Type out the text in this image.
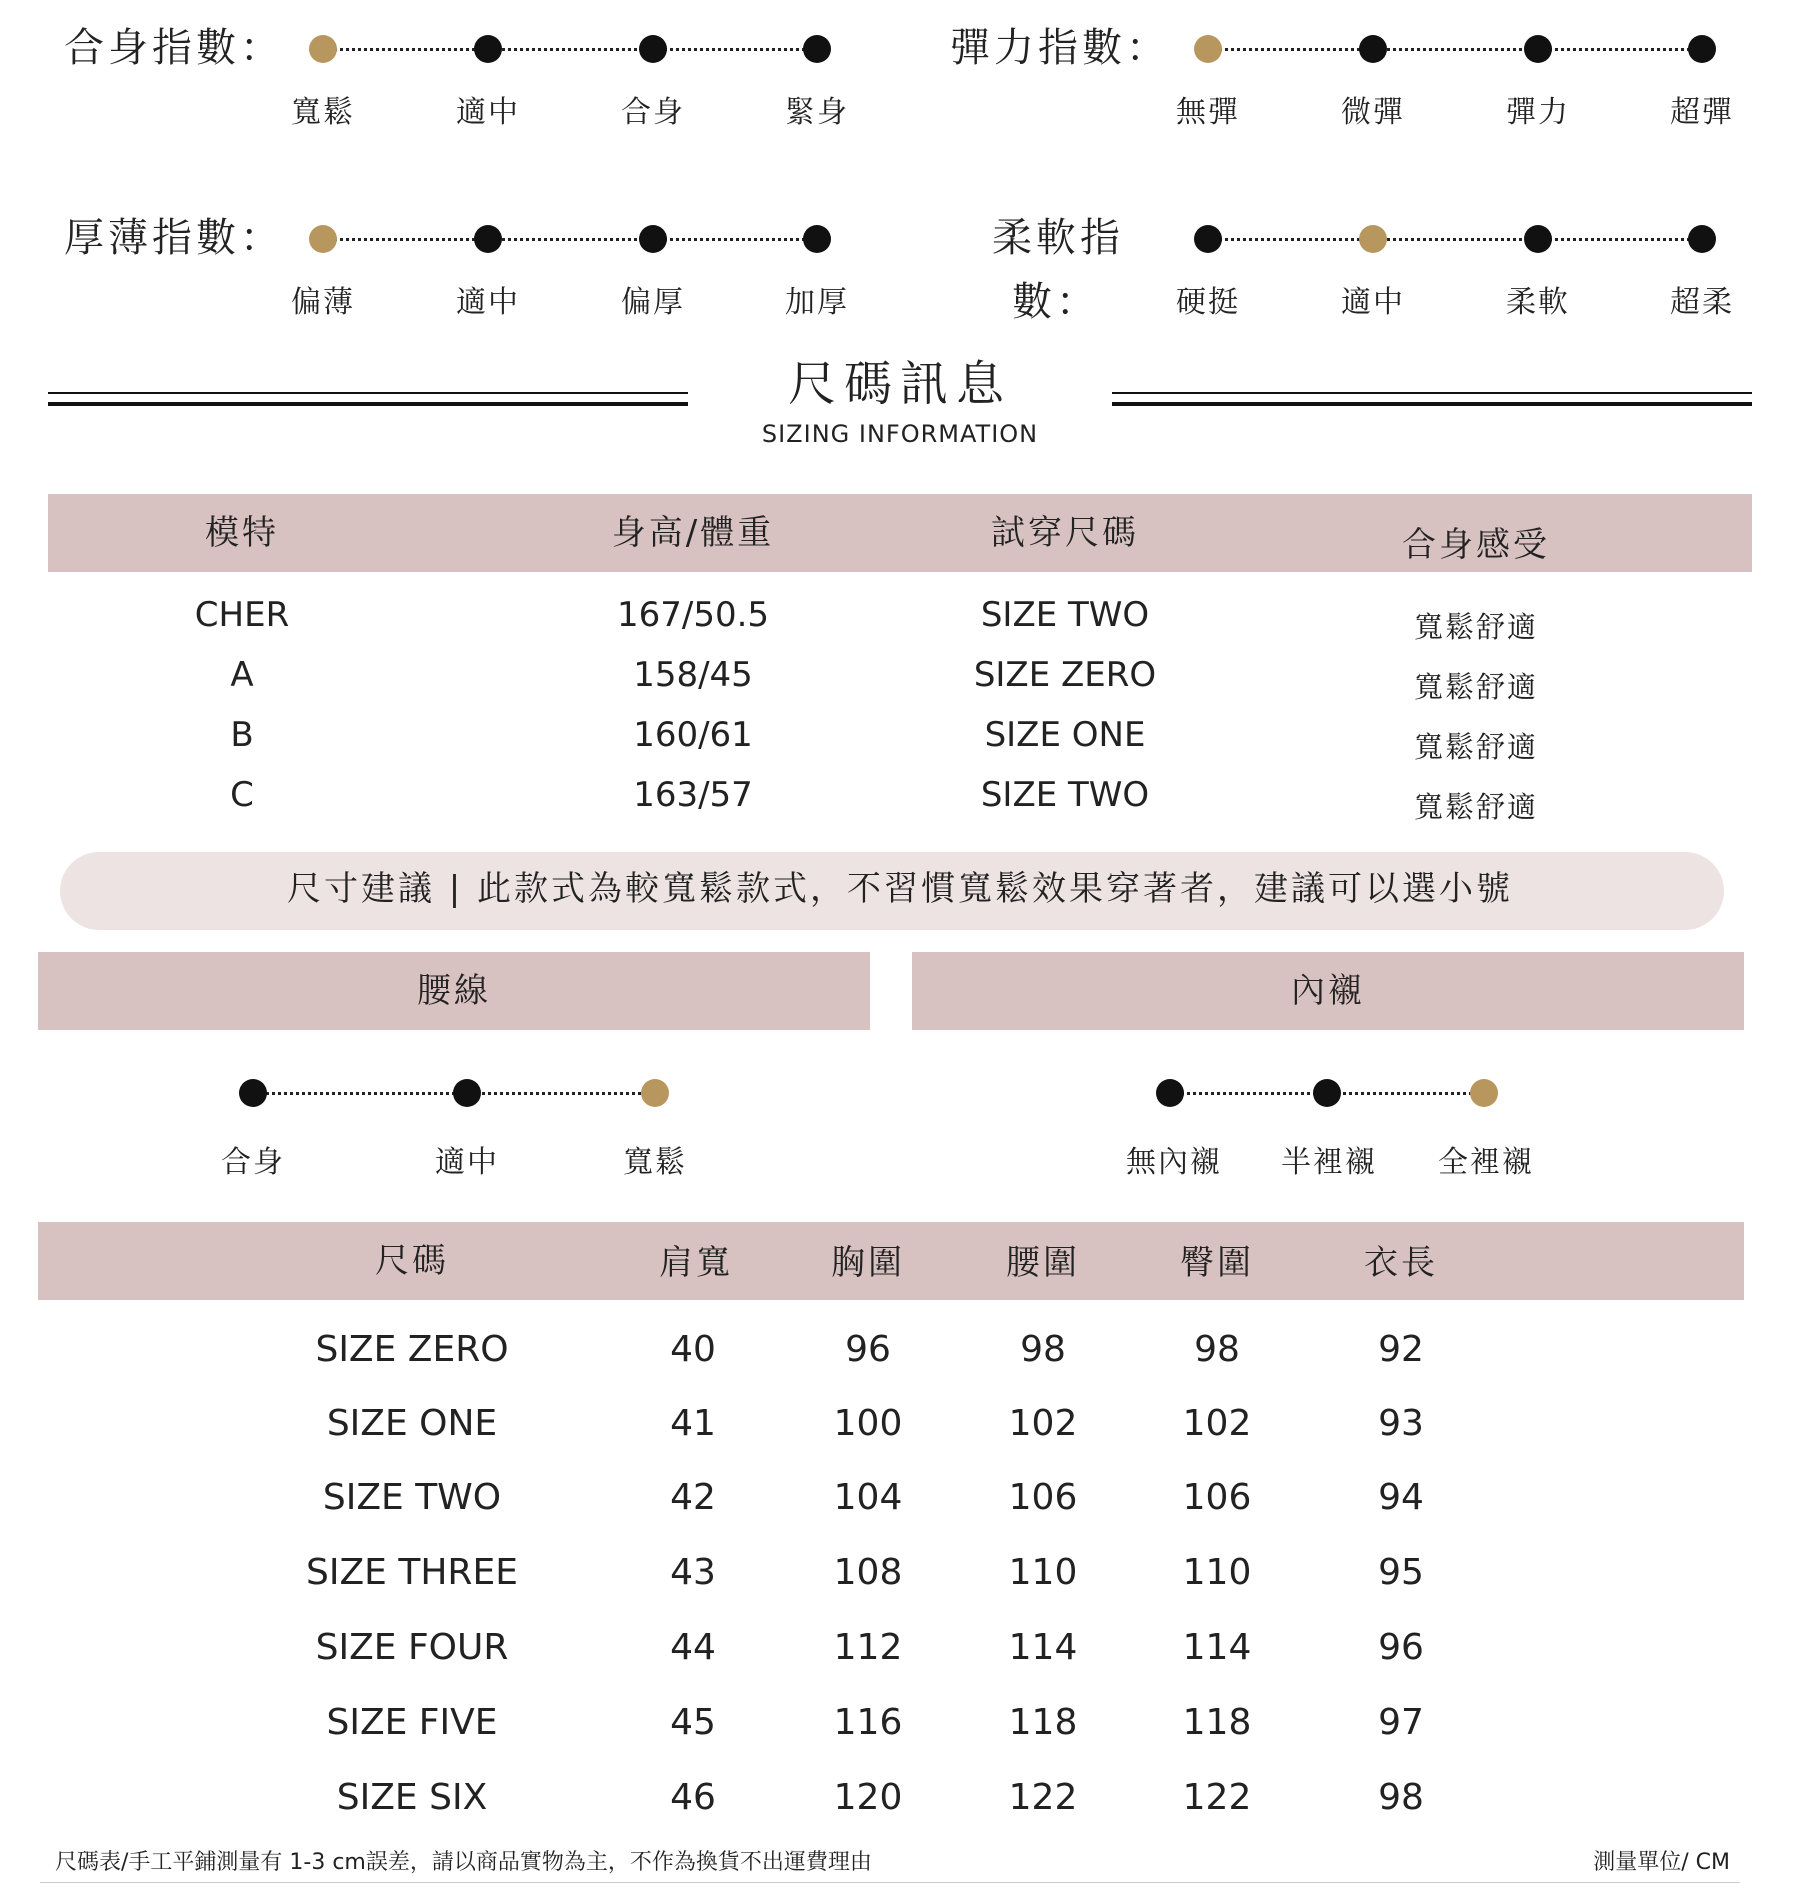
合身指數：
寬鬆	適中	合身	緊身
彈力指數：
無彈	微彈	彈力	超彈
厚薄指數：
偏薄	適中	偏厚	加厚
柔軟指
數：	硬挺	適中	柔軟	超柔
尺碼訊息
SIZING INFORMATION
模特	身高/體重	試穿尺碼	合身感受
CHER	167/50.5	SIZE TWO	寬鬆舒適
A	158/45	SIZE ZERO	寬鬆舒適
B	160/61	SIZE ONE	寬鬆舒適
C	163/57	SIZE TWO	寬鬆舒適
尺寸建議 | 此款式為較寬鬆款式，不習慣寬鬆效果穿著者，建議可以選小號
腰線
合身	適中	寬鬆
內襯
無內襯 半裡襯 全裡襯
尺碼	肩寬	胸圍	腰圍	臀圍	衣長
SIZE ZERO	40	96	98	98	92
SIZE ONE	41	100	102	102	93
SIZE TWO	42	104	106	106	94
SIZE THREE	43	108	110	110	95
SIZE FOUR	44	112	114	114	96
SIZE FIVE	45	116	118	118	97
SIZE SIX	46	120	122	122	98
尺碼表/手工平鋪測量有 1-3 cm誤差，請以商品實物為主，不作為換貨不出運費理由	測量單位/ CM
